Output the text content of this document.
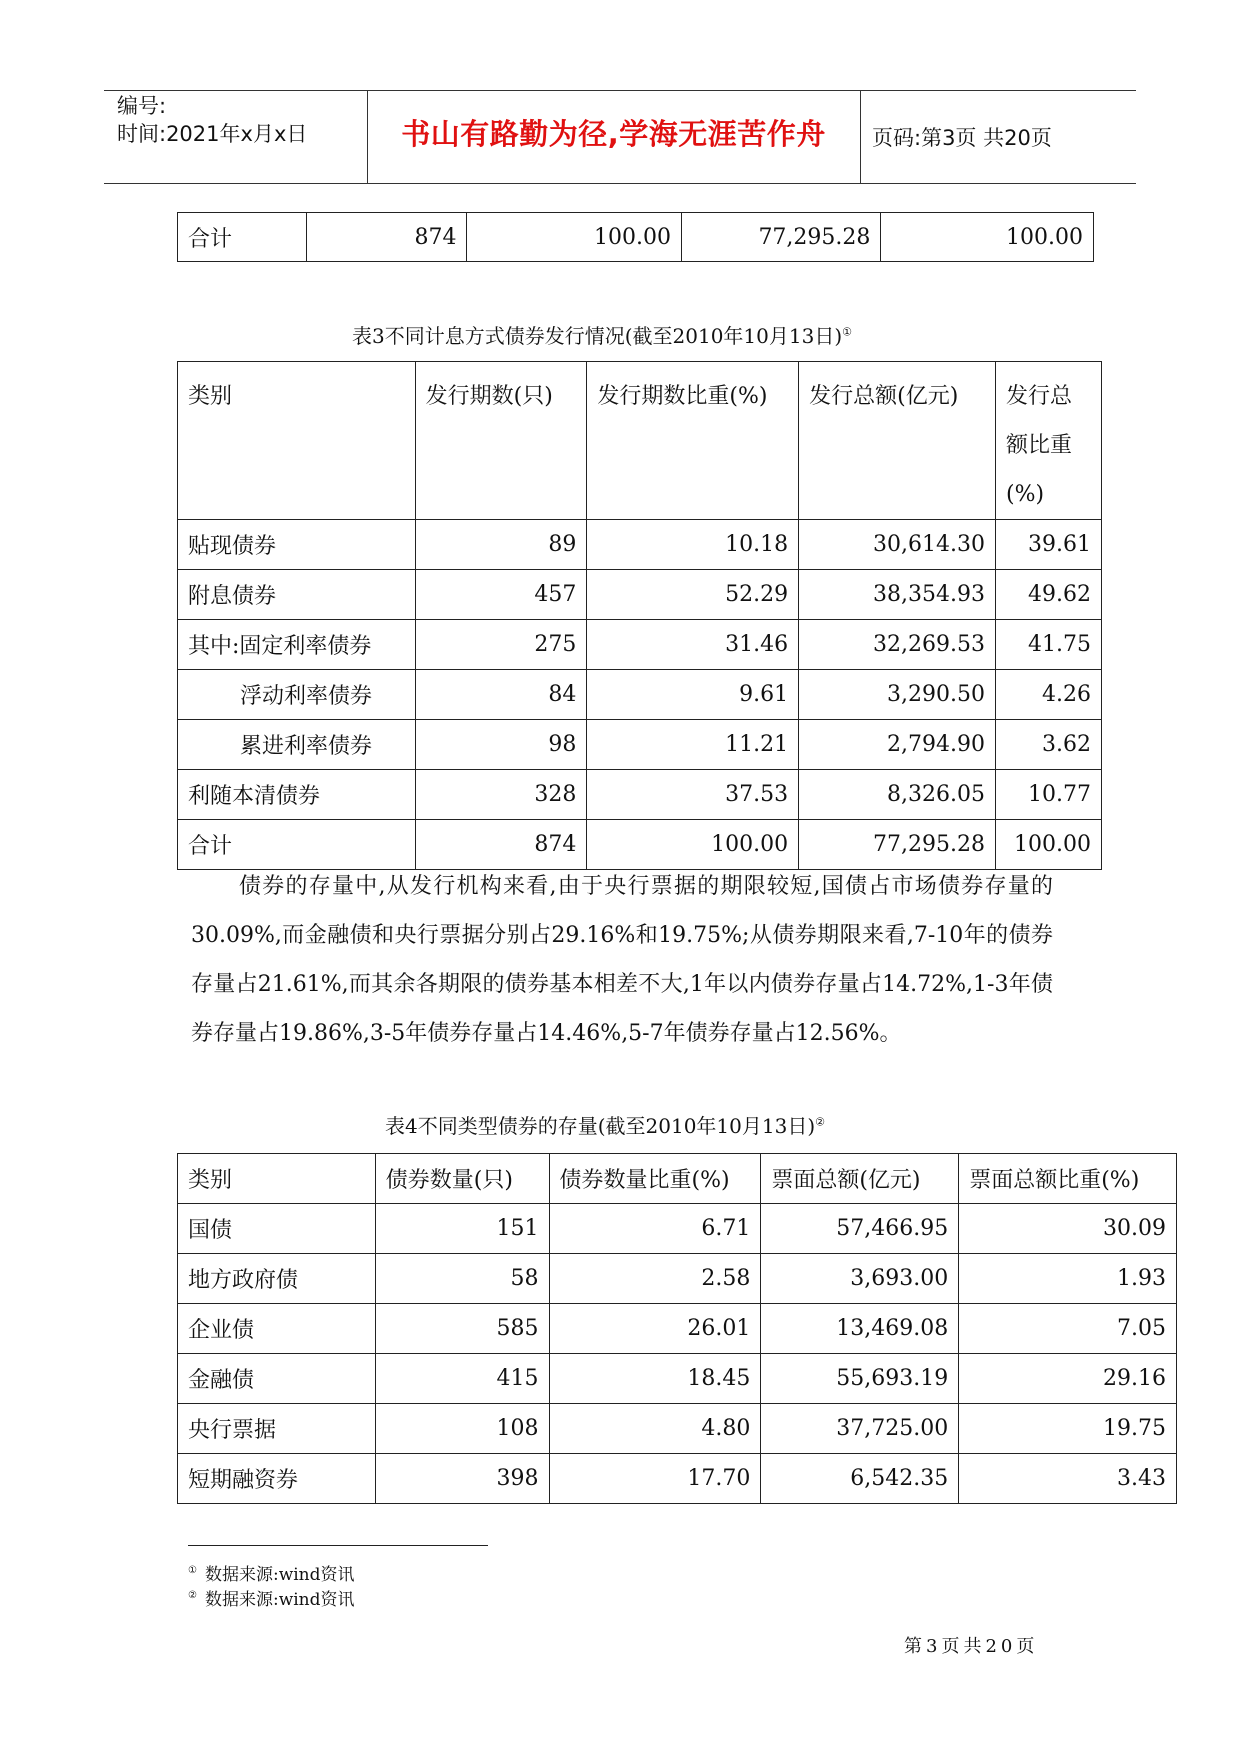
编号:
时间:2021年x月x日	书山有路勤为径,学海无涯苦作舟	页码:第3页 共20页
合计	874	100.00	77,295.28	100.00
表3不同计息方式债券发行情况(截至2010年10月13日)①
类别	发行期数(只)	发行期数比重(%)	发行总额(亿元)	发行总
额比重
(%)

贴现债券	89	10.18	30,614.30	39.61
附息债券	457	52.29	38,354.93	49.62
其中:固定利率债券	275	31.46	32,269.53	41.75
浮动利率债券	84	9.61	3,290.50	4.26
累进利率债券	98	11.21	2,794.90	3.62
利随本清债券	328	37.53	8,326.05	10.77
合计	874	100.00	77,295.28	100.00

债券的存量中,从发行机构来看,由于央行票据的期限较短,国债占市场债券存量的30.09%,而金融债和央行票据分别占29.16%和19.75%;从债券期限来看,7-10年的债券存量占21.61%,而其余各期限的债券基本相差不大,1年以内债券存量占14.72%,1-3年债券存量占19.86%,3-5年债券存量占14.46%,5-7年债券存量占12.56%。

表4不同类型债券的存量(截至2010年10月13日)②
类别	债券数量(只)	债券数量比重(%)	票面总额(亿元)	票面总额比重(%)
国债	151	6.71	57,466.95	30.09
地方政府债	58	2.58	3,693.00	1.93
企业债	585	26.01	13,469.08	7.05
金融债	415	18.45	55,693.19	29.16
央行票据	108	4.80	37,725.00	19.75
短期融资券	398	17.70	6,542.35	3.43
① 数据来源:wind资讯
② 数据来源:wind资讯
第3页共20页
